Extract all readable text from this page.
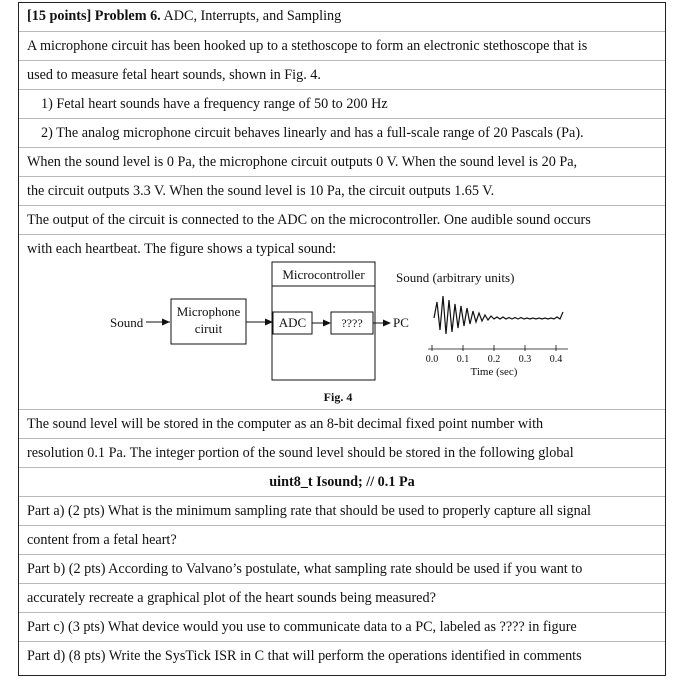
[15 points] Problem 6. ADC, Interrupts, and Sampling
A microphone circuit has been hooked up to a stethoscope to form an electronic stethoscope that is
used to measure fetal heart sounds, shown in Fig. 4.
1) Fetal heart sounds have a frequency range of 50 to 200 Hz
2) The analog microphone circuit behaves linearly and has a full-scale range of 20 Pascals (Pa).
When the sound level is 0 Pa, the microphone circuit outputs 0 V. When the sound level is 20 Pa,
the circuit outputs 3.3 V. When the sound level is 10 Pa, the circuit outputs 1.65 V.
The output of the circuit is connected to the ADC on the microcontroller. One audible sound occurs
with each heartbeat. The figure shows a typical sound:
Microcontroller
Sound
Microphone
ciruit	ADC	???? PC
Sound (arbitrary units)
0.0 0.1 0.2 0.3 0.4
Time (sec)
Fig. 4
The sound level will be stored in the computer as an 8-bit decimal fixed point number with
resolution 0.1 Pa. The integer portion of the sound level should be stored in the following global
uint8_t Isound; // 0.1 Pa
Part a) (2 pts) What is the minimum sampling rate that should be used to properly capture all signal
content from a fetal heart?
Part b) (2 pts) According to Valvano’s postulate, what sampling rate should be used if you want to
accurately recreate a graphical plot of the heart sounds being measured?
Part c) (3 pts) What device would you use to communicate data to a PC, labeled as ???? in figure
Part d) (8 pts) Write the SysTick ISR in C that will perform the operations identified in comments
